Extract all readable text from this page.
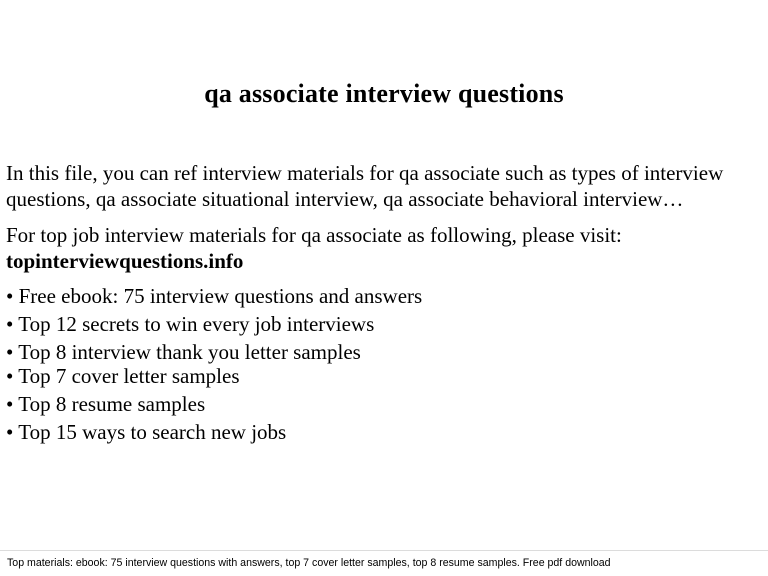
qa associate interview questions

In this file, you can ref interview materials for qa associate such as types of interview

questions, qa associate situational interview, qa associate behavioral interview…

For top job interview materials for qa associate as following, please visit:

topinterviewquestions.info
• Free ebook: 75 interview questions and answers
• Top 12 secrets to win every job interviews
• Top 8 interview thank you letter samples
• Top 7 cover letter samples
• Top 8 resume samples
• Top 15 ways to search new jobs
Top materials: ebook: 75 interview questions with answers, top 7 cover letter samples, top 8 resume samples. Free pdf download
